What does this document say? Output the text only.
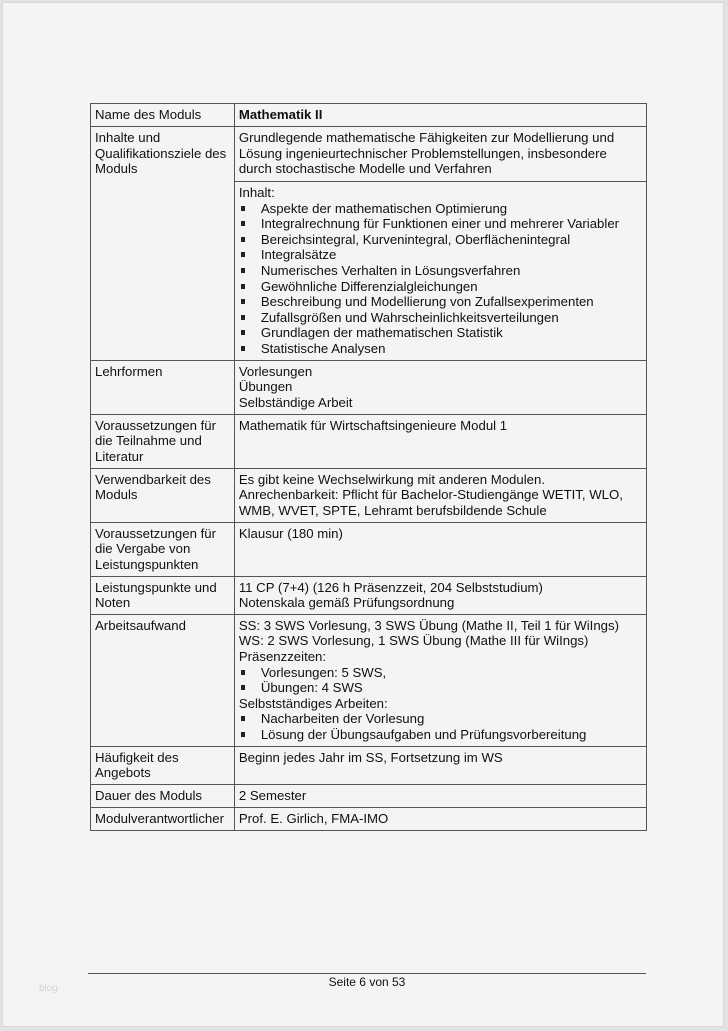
Name des Moduls	Mathematik II

Inhalte und
Qualifikationsziele des
Moduls	Grundlegende mathematische Fähigkeiten zur Modellierung und
Lösung ingenieurtechnischer Problemstellungen, insbesondere
durch stochastische Modelle und Verfahren

Inhalt:
Aspekte der mathematischen Optimierung
Integralrechnung für Funktionen einer und mehrerer Variabler
Bereichsintegral, Kurvenintegral, Oberflächenintegral
Integralsätze
Numerisches Verhalten in Lösungsverfahren
Gewöhnliche Differenzialgleichungen
Beschreibung und Modellierung von Zufallsexperimenten
Zufallsgrößen und Wahrscheinlichkeitsverteilungen
Grundlagen der mathematischen Statistik
Statistische Analysen

Lehrformen	Vorlesungen
Übungen
Selbständige Arbeit

Voraussetzungen für
die Teilnahme und
Literatur	Mathematik für Wirtschaftsingenieure Modul 1

Verwendbarkeit des
Moduls	Es gibt keine Wechselwirkung mit anderen Modulen.
Anrechenbarkeit: Pflicht für Bachelor-Studiengänge WETIT, WLO,
WMB, WVET, SPTE, Lehramt berufsbildende Schule

Voraussetzungen für
die Vergabe von
Leistungspunkten	Klausur (180 min)

Leistungspunkte und
Noten	11 CP (7+4) (126 h Präsenzzeit, 204 Selbststudium)
Notenskala gemäß Prüfungsordnung

Arbeitsaufwand	SS: 3 SWS Vorlesung, 3 SWS Übung (Mathe II, Teil 1 für WiIngs)
WS: 2 SWS Vorlesung, 1 SWS Übung (Mathe III für WiIngs)
Präsenzzeiten:
Vorlesungen: 5 SWS,
Übungen: 4 SWS
Selbstständiges Arbeiten:
Nacharbeiten der Vorlesung
Lösung der Übungsaufgaben und Prüfungsvorbereitung

Häufigkeit des
Angebots	Beginn jedes Jahr im SS, Fortsetzung im WS

Dauer des Moduls	2 Semester

Modulverantwortlicher	Prof. E. Girlich, FMA-IMO
Seite 6 von 53
blog
